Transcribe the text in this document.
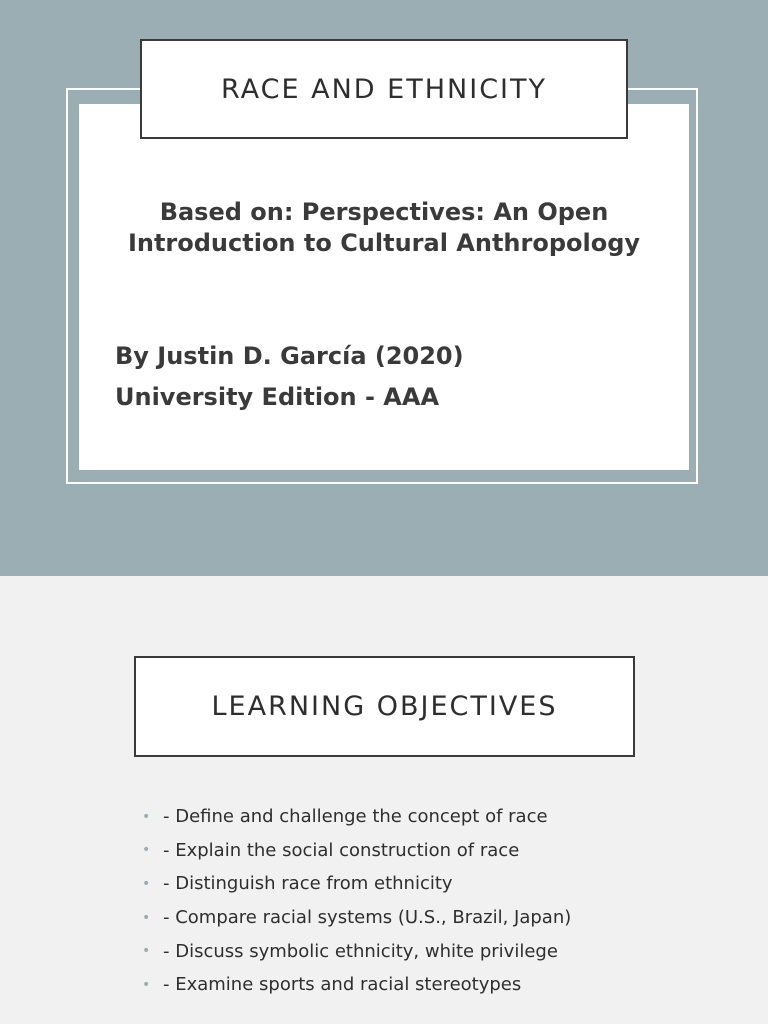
RACE AND ETHNICITY
Based on: Perspectives: An Open Introduction to Cultural Anthropology
By Justin D. García (2020)
University Edition - AAA
LEARNING OBJECTIVES
• - Define and challenge the concept of race
• - Explain the social construction of race
• - Distinguish race from ethnicity
• - Compare racial systems (U.S., Brazil, Japan)
• - Discuss symbolic ethnicity, white privilege
• - Examine sports and racial stereotypes
